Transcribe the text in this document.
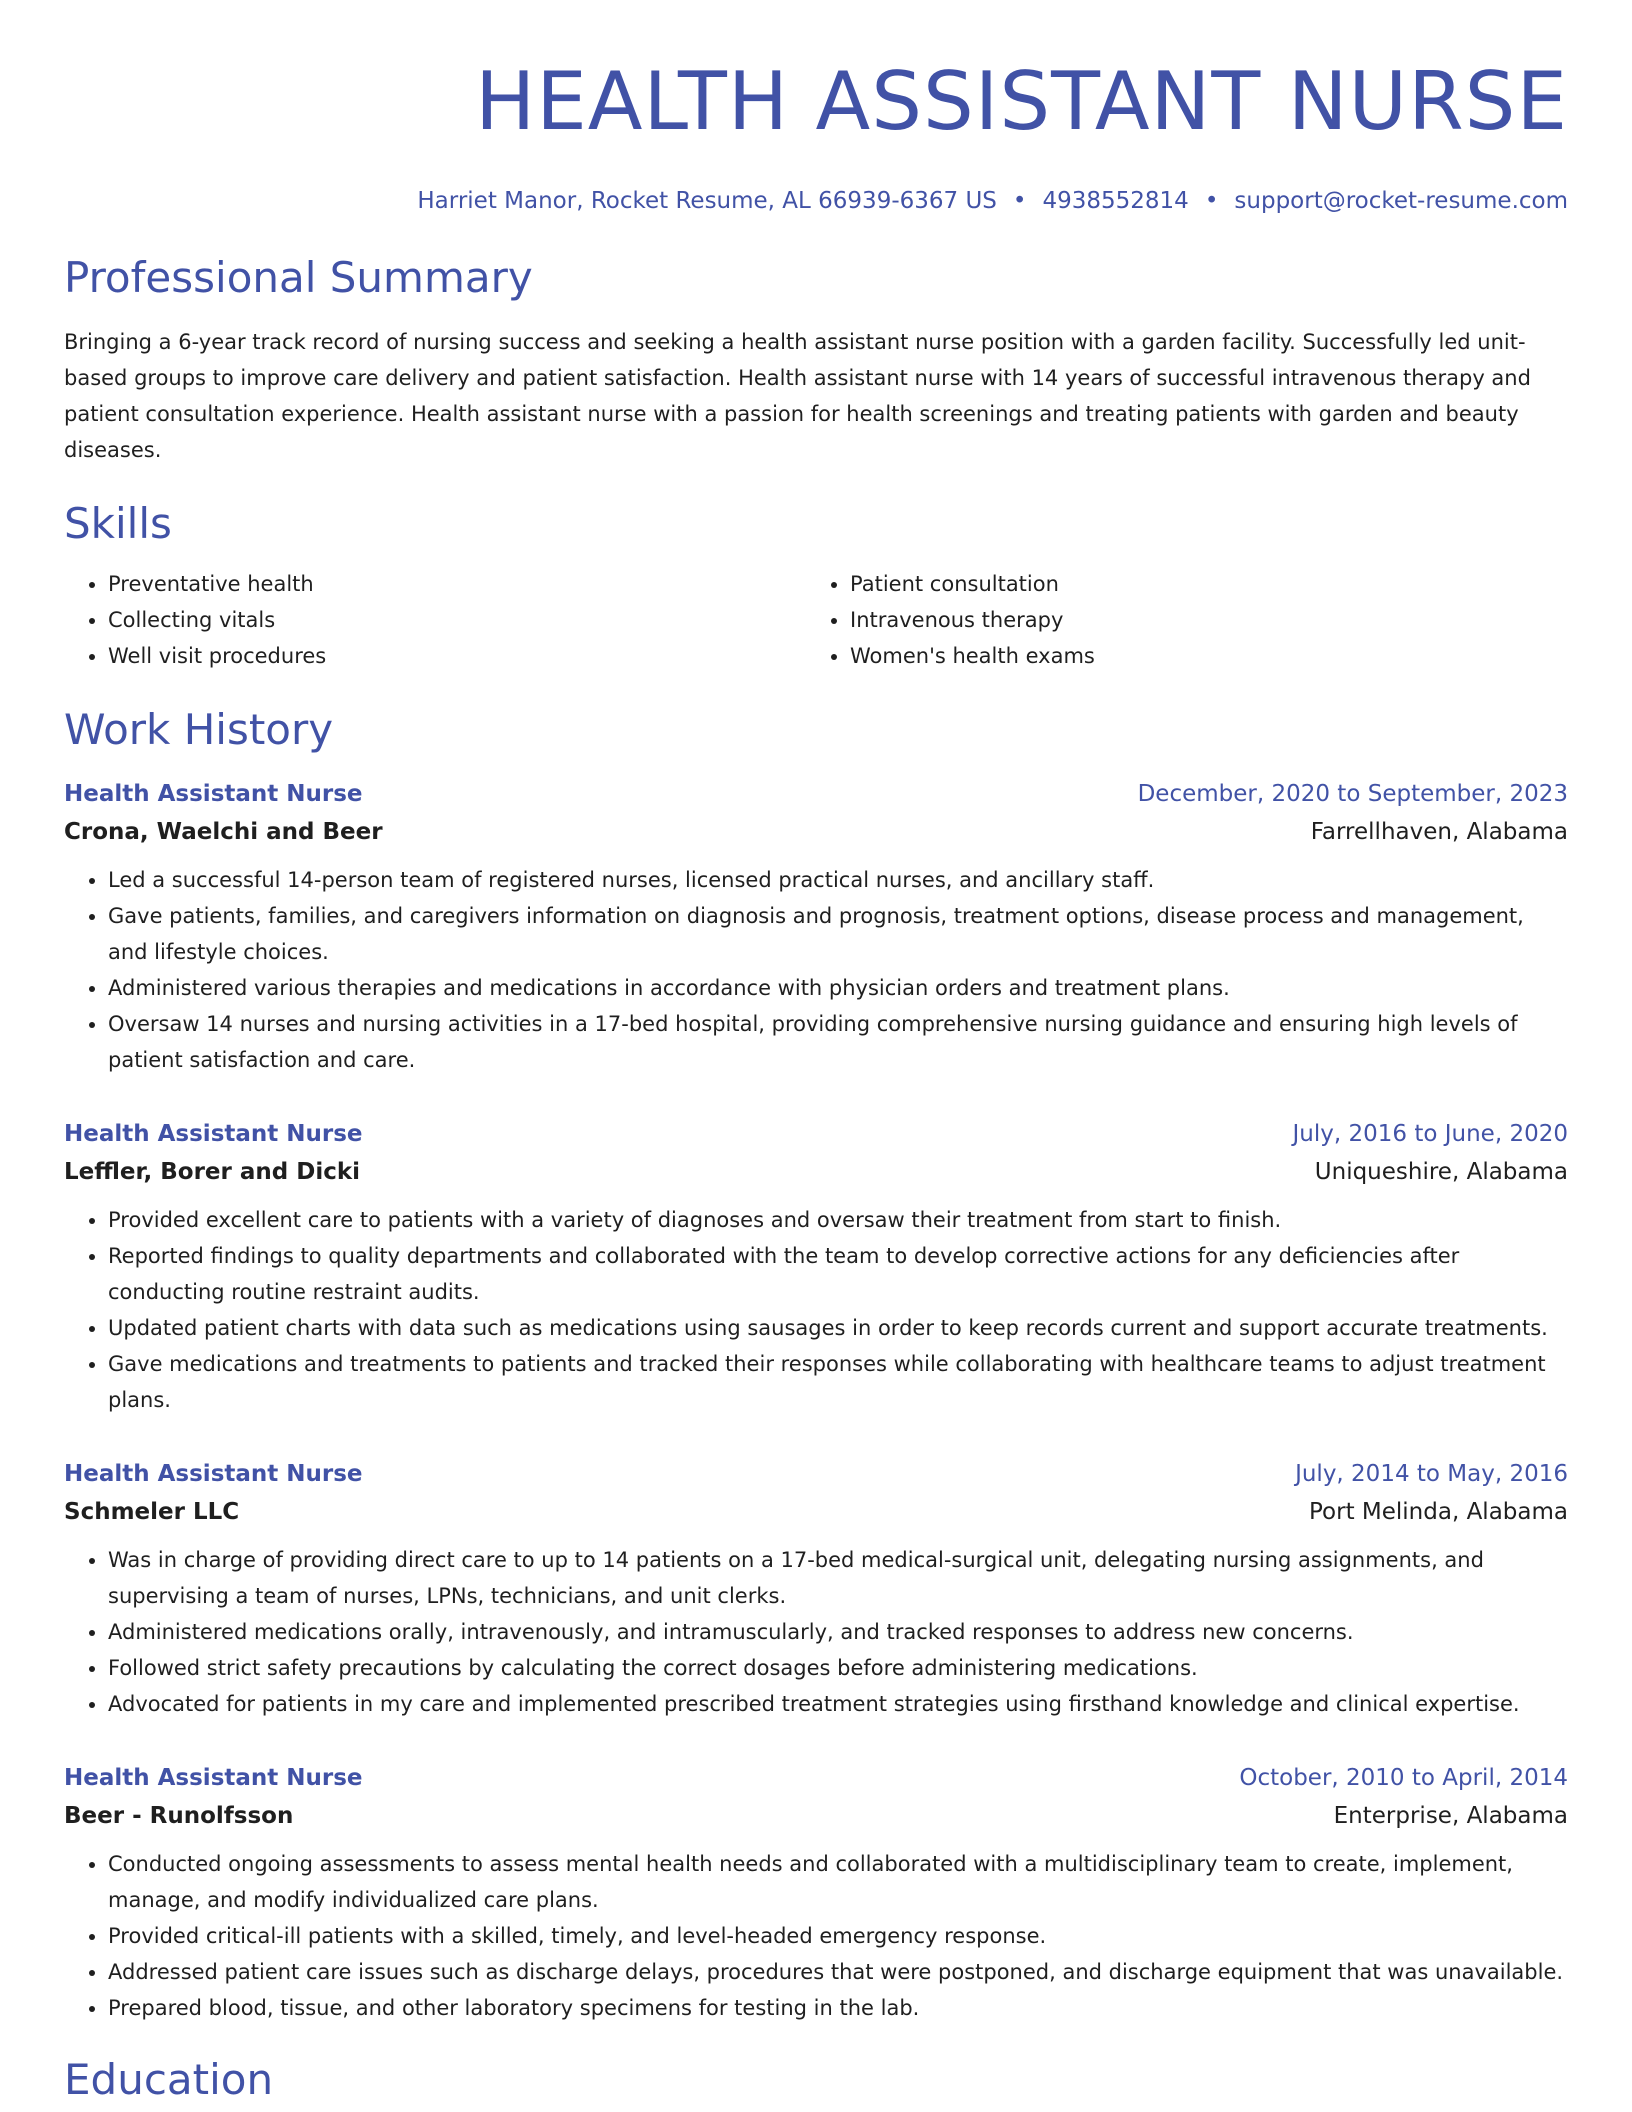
HEALTH ASSISTANT NURSE
Harriet Manor, Rocket Resume, AL 66939-6367 US • 4938552814 • support@rocket-resume.com
Professional Summary
Bringing a 6-year track record of nursing success and seeking a health assistant nurse position with a garden facility. Successfully led unit-based groups to improve care delivery and patient satisfaction. Health assistant nurse with 14 years of successful intravenous therapy and patient consultation experience. Health assistant nurse with a passion for health screenings and treating patients with garden and beauty diseases.
Skills
• Preventative health
• Collecting vitals
• Well visit procedures
• Patient consultation
• Intravenous therapy
• Women's health exams
Work History
Health Assistant Nurse	December, 2020 to September, 2023
Crona, Waelchi and Beer	Farrellhaven, Alabama
• Led a successful 14-person team of registered nurses, licensed practical nurses, and ancillary staff.
• Gave patients, families, and caregivers information on diagnosis and prognosis, treatment options, disease process and management, and lifestyle choices.
• Administered various therapies and medications in accordance with physician orders and treatment plans.
• Oversaw 14 nurses and nursing activities in a 17-bed hospital, providing comprehensive nursing guidance and ensuring high levels of patient satisfaction and care.
Health Assistant Nurse	July, 2016 to June, 2020
Leffler, Borer and Dicki	Uniqueshire, Alabama
• Provided excellent care to patients with a variety of diagnoses and oversaw their treatment from start to finish.
• Reported findings to quality departments and collaborated with the team to develop corrective actions for any deficiencies after conducting routine restraint audits.
• Updated patient charts with data such as medications using sausages in order to keep records current and support accurate treatments.
• Gave medications and treatments to patients and tracked their responses while collaborating with healthcare teams to adjust treatment plans.
Health Assistant Nurse	July, 2014 to May, 2016
Schmeler LLC	Port Melinda, Alabama
• Was in charge of providing direct care to up to 14 patients on a 17-bed medical-surgical unit, delegating nursing assignments, and supervising a team of nurses, LPNs, technicians, and unit clerks.
• Administered medications orally, intravenously, and intramuscularly, and tracked responses to address new concerns.
• Followed strict safety precautions by calculating the correct dosages before administering medications.
• Advocated for patients in my care and implemented prescribed treatment strategies using firsthand knowledge and clinical expertise.
Health Assistant Nurse	October, 2010 to April, 2014
Beer - Runolfsson	Enterprise, Alabama
• Conducted ongoing assessments to assess mental health needs and collaborated with a multidisciplinary team to create, implement, manage, and modify individualized care plans.
• Provided critical-ill patients with a skilled, timely, and level-headed emergency response.
• Addressed patient care issues such as discharge delays, procedures that were postponed, and discharge equipment that was unavailable.
• Prepared blood, tissue, and other laboratory specimens for testing in the lab.
Education
